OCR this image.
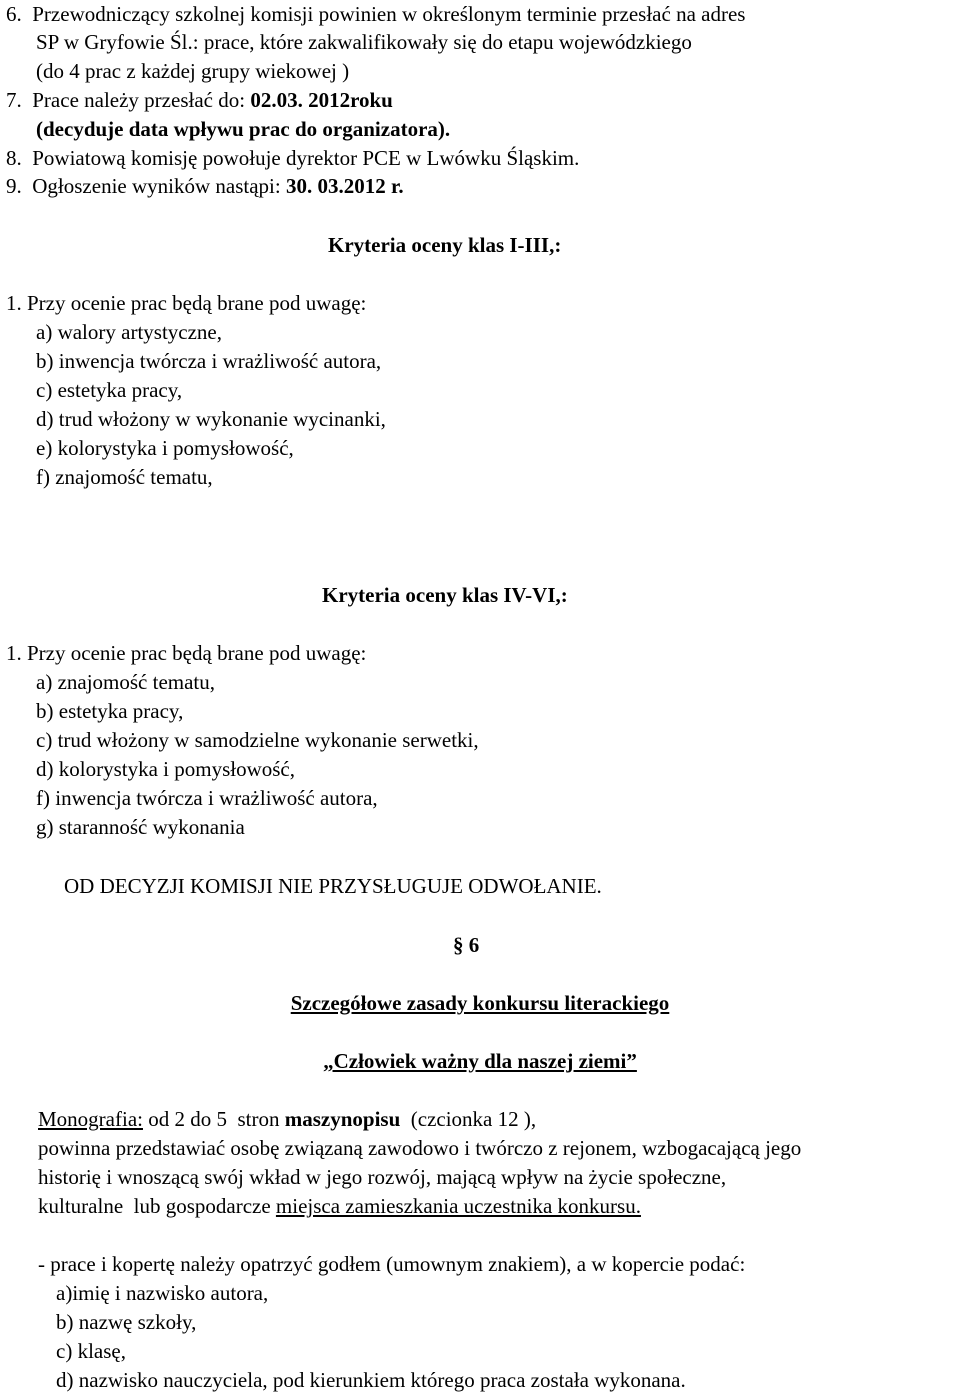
6. Przewodniczący szkolnej komisji powinien w określonym terminie przesłać na adres
SP w Gryfowie Śl.: prace, które zakwalifikowały się do etapu wojewódzkiego
(do 4 prac z każdej grupy wiekowej )
7. Prace należy przesłać do: 02.03. 2012roku
(decyduje data wpływu prac do organizatora).
8. Powiatową komisję powołuje dyrektor PCE w Lwówku Śląskim.
9. Ogłoszenie wyników nastąpi: 30. 03.2012 r.
Kryteria oceny klas I-III,:
1. Przy ocenie prac będą brane pod uwagę:
a) walory artystyczne,
b) inwencja twórcza i wrażliwość autora,
c) estetyka pracy,
d) trud włożony w wykonanie wycinanki,
e) kolorystyka i pomysłowość,
f) znajomość tematu,
Kryteria oceny klas IV-VI,:
1. Przy ocenie prac będą brane pod uwagę:
a) znajomość tematu,
b) estetyka pracy,
c) trud włożony w samodzielne wykonanie serwetki,
d) kolorystyka i pomysłowość,
f) inwencja twórcza i wrażliwość autora,
g) staranność wykonania
OD DECYZJI KOMISJI NIE PRZYSŁUGUJE ODWOŁANIE.
§ 6
Szczegółowe zasady konkursu literackiego
„Człowiek ważny dla naszej ziemi”
Monografia: od 2 do 5  stron maszynopisu  (czcionka 12 ),
powinna przedstawiać osobę związaną zawodowo i twórczo z rejonem, wzbogacającą jego
historię i wnoszącą swój wkład w jego rozwój, mającą wpływ na życie społeczne,
kulturalne  lub gospodarcze miejsca zamieszkania uczestnika konkursu.
- prace i kopertę należy opatrzyć godłem (umownym znakiem), a w kopercie podać:
a)imię i nazwisko autora,
b) nazwę szkoły,
c) klasę,
d) nazwisko nauczyciela, pod kierunkiem którego praca została wykonana.
